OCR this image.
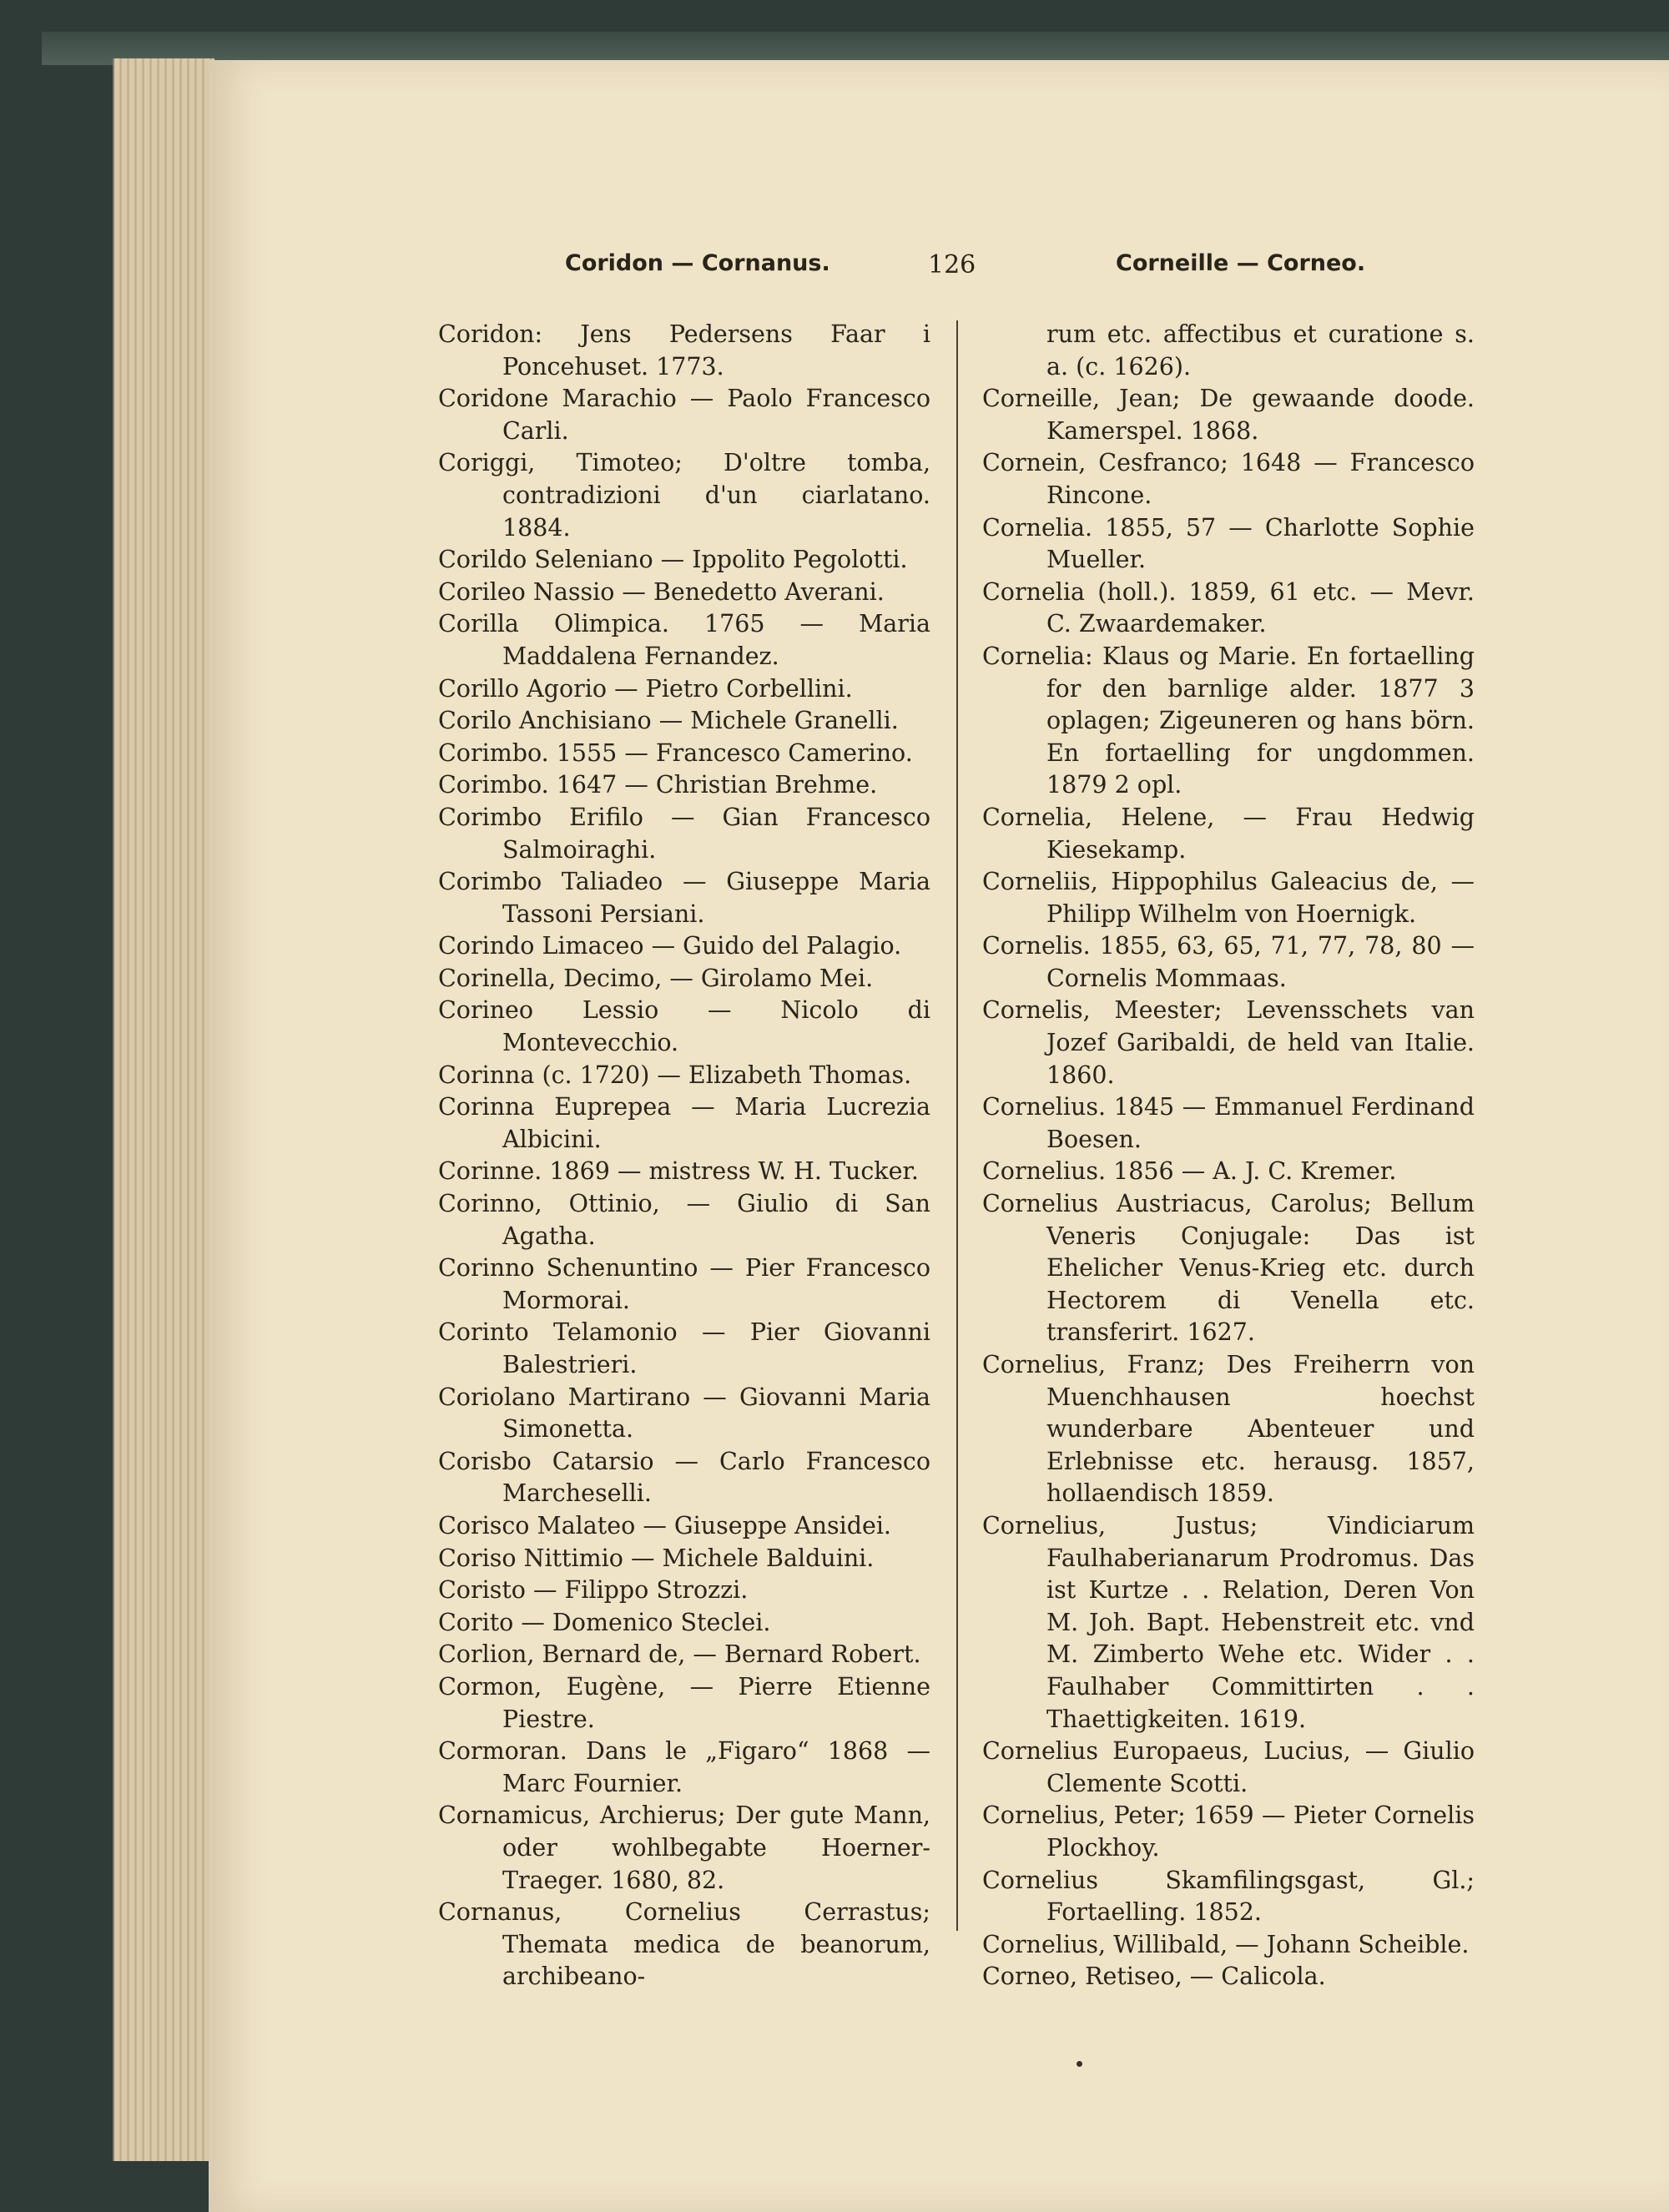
Coridon — Cornanus.	126	Corneille — Corneo.
Coridon: Jens Pedersens Faar i Poncehuset. 1773.
Coridone Marachio — Paolo Francesco Carli.
Coriggi, Timoteo; D'oltre tomba, contradizioni d'un ciarlatano. 1884.
Corildo Seleniano — Ippolito Pegolotti.
Corileo Nassio — Benedetto Averani.
Corilla Olimpica. 1765 — Maria Maddalena Fernandez.
Corillo Agorio — Pietro Corbellini.
Corilo Anchisiano — Michele Granelli.
Corimbo. 1555 — Francesco Camerino.
Corimbo. 1647 — Christian Brehme.
Corimbo Erifilo — Gian Francesco Salmoiraghi.
Corimbo Taliadeo — Giuseppe Maria Tassoni Persiani.
Corindo Limaceo — Guido del Palagio.
Corinella, Decimo, — Girolamo Mei.
Corineo Lessio — Nicolo di Montevecchio.
Corinna (c. 1720) — Elizabeth Thomas.
Corinna Euprepea — Maria Lucrezia Albicini.
Corinne. 1869 — mistress W. H. Tucker.
Corinno, Ottinio, — Giulio di San Agatha.
Corinno Schenuntino — Pier Francesco Mormorai.
Corinto Telamonio — Pier Giovanni Balestrieri.
Coriolano Martirano — Giovanni Maria Simonetta.
Corisbo Catarsio — Carlo Francesco Marcheselli.
Corisco Malateo — Giuseppe Ansidei.
Coriso Nittimio — Michele Balduini.
Coristo — Filippo Strozzi.
Corito — Domenico Steclei.
Corlion, Bernard de, — Bernard Robert.
Cormon, Eugène, — Pierre Etienne Piestre.
Cormoran. Dans le „Figaro“ 1868 — Marc Fournier.
Cornamicus, Archierus; Der gute Mann, oder wohlbegabte Hoerner-Traeger. 1680, 82.
Cornanus, Cornelius Cerrastus; Themata medica de beanorum, archibeano-
rum etc. affectibus et curatione s. a. (c. 1626).
Corneille, Jean; De gewaande doode. Kamerspel. 1868.
Cornein, Cesfranco; 1648 — Francesco Rincone.
Cornelia. 1855, 57 — Charlotte Sophie Mueller.
Cornelia (holl.). 1859, 61 etc. — Mevr. C. Zwaardemaker.
Cornelia: Klaus og Marie. En fortaelling for den barnlige alder. 1877 3 oplagen; Zigeuneren og hans börn. En fortaelling for ungdommen. 1879 2 opl.
Cornelia, Helene, — Frau Hedwig Kiesekamp.
Corneliis, Hippophilus Galeacius de, — Philipp Wilhelm von Hoernigk.
Cornelis. 1855, 63, 65, 71, 77, 78, 80 — Cornelis Mommaas.
Cornelis, Meester; Levensschets van Jozef Garibaldi, de held van Italie. 1860.
Cornelius. 1845 — Emmanuel Ferdinand Boesen.
Cornelius. 1856 — A. J. C. Kremer.
Cornelius Austriacus, Carolus; Bellum Veneris Conjugale: Das ist Ehelicher Venus-Krieg etc. durch Hectorem di Venella etc. transferirt. 1627.
Cornelius, Franz; Des Freiherrn von Muenchhausen hoechst wunderbare Abenteuer und Erlebnisse etc. herausg. 1857, hollaendisch 1859.
Cornelius, Justus; Vindiciarum Faulhaberianarum Prodromus. Das ist Kurtze . . Relation, Deren Von M. Joh. Bapt. Hebenstreit etc. vnd M. Zimberto Wehe etc. Wider . . Faulhaber Committirten . . Thaettigkeiten. 1619.
Cornelius Europaeus, Lucius, — Giulio Clemente Scotti.
Cornelius, Peter; 1659 — Pieter Cornelis Plockhoy.
Cornelius Skamfilingsgast, Gl.; Fortaelling. 1852.
Cornelius, Willibald, — Johann Scheible.
Corneo, Retiseo, — Calicola.
